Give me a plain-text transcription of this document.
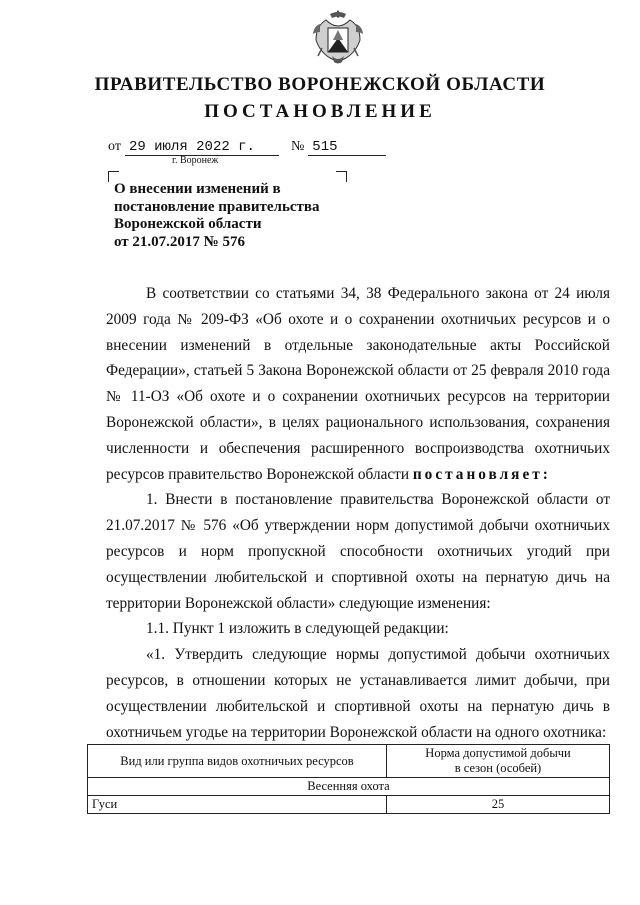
ПРАВИТЕЛЬСТВО ВОРОНЕЖСКОЙ ОБЛАСТИ
ПОСТАНОВЛЕНИЕ
от 29 июля 2022 г.	№ 515
г. Воронеж
О внесении изменений в
постановление правительства
Воронежской области
от 21.07.2017 № 576

В соответствии со статьями 34, 38 Федерального закона от 24 июля 2009 года № 209-ФЗ «Об охоте и о сохранении охотничьих ресурсов и о внесении изменений в отдельные законодательные акты Российской Федерации», статьей 5 Закона Воронежской области от 25 февраля 2010 года № 11-ОЗ «Об охоте и о сохранении охотничьих ресурсов на территории Воронежской области», в целях рационального использования, сохранения численности и обеспечения расширенного воспроизводства охотничьих ресурсов правительство Воронежской области постановляет:

1. Внести в постановление правительства Воронежской области от 21.07.2017 № 576 «Об утверждении норм допустимой добычи охотничьих ресурсов и норм пропускной способности охотничьих угодий при осуществлении любительской и спортивной охоты на пернатую дичь на территории Воронежской области» следующие изменения:

1.1. Пункт 1 изложить в следующей редакции:

«1. Утвердить следующие нормы допустимой добычи охотничьих ресурсов, в отношении которых не устанавливается лимит добычи, при осуществлении любительской и спортивной охоты на пернатую дичь в охотничьем угодье на территории Воронежской области на одного охотника:

Вид или группа видов охотничьих ресурсов	Норма допустимой добычи
в сезон (особей)

Весенняя охота	
Гуси	25
